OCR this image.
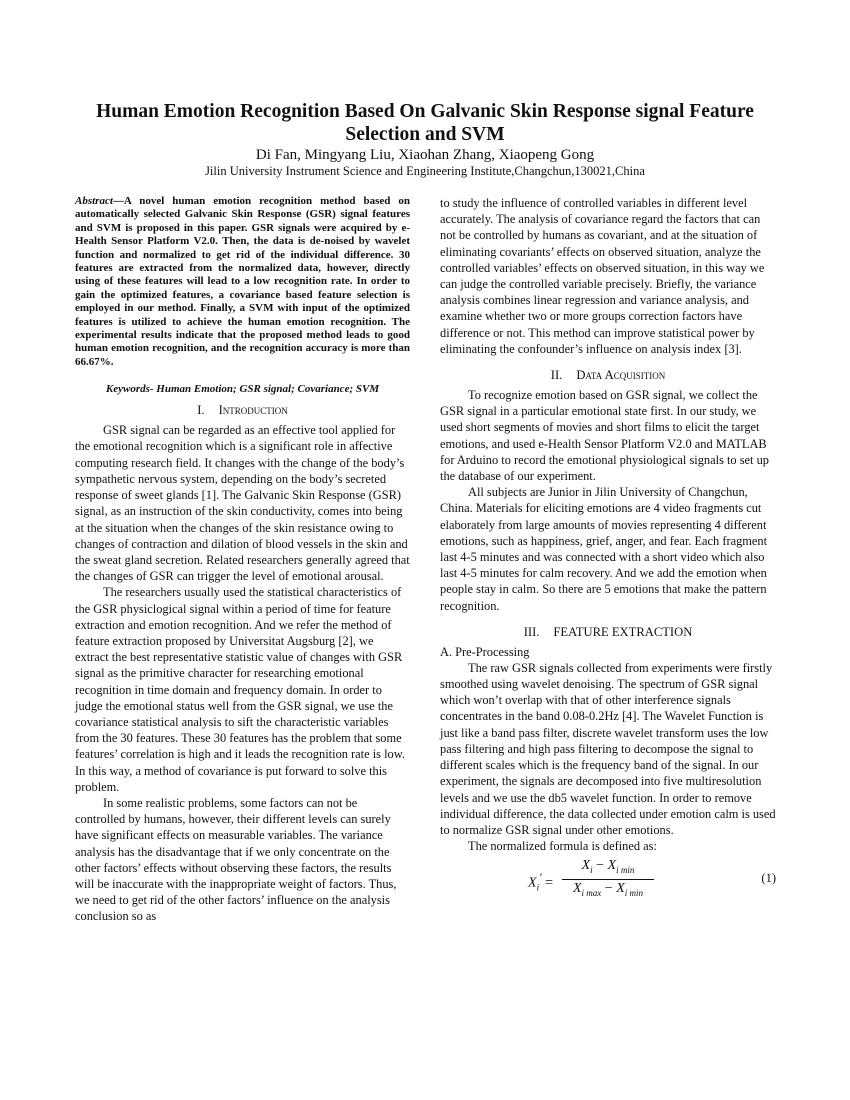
Human Emotion Recognition Based On Galvanic Skin Response signal Feature Selection and SVM
Di Fan, Mingyang Liu, Xiaohan Zhang, Xiaopeng Gong
Jilin University Instrument Science and Engineering Institute,Changchun,130021,China

Abstract—A novel human emotion recognition method based on automatically selected Galvanic Skin Response (GSR) signal features and SVM is proposed in this paper. GSR signals were acquired by e-Health Sensor Platform V2.0. Then, the data is de-noised by wavelet function and normalized to get rid of the individual difference. 30 features are extracted from the normalized data, however, directly using of these features will lead to a low recognition rate. In order to gain the optimized features, a covariance based feature selection is employed in our method. Finally, a SVM with input of the optimized features is utilized to achieve the human emotion recognition. The experimental results indicate that the proposed method leads to good human emotion recognition, and the recognition accuracy is more than 66.67%.

Keywords- Human Emotion; GSR signal; Covariance; SVM
I. Introduction

GSR signal can be regarded as an effective tool applied for the emotional recognition which is a significant role in affective computing research field. It changes with the change of the body’s sympathetic nervous system, depending on the body’s secreted response of sweet glands [1]. The Galvanic Skin Response (GSR) signal, as an instruction of the skin conductivity, comes into being at the situation when the changes of the skin resistance owing to changes of contraction and dilation of blood vessels in the skin and the sweat gland secretion. Related researchers generally agreed that the changes of GSR can trigger the level of emotional arousal.

The researchers usually used the statistical characteristics of the GSR physiclogical signal within a period of time for feature extraction and emotion recognition. And we refer the method of feature extraction proposed by Universitat Augsburg [2], we extract the best representative statistic value of changes with GSR signal as the primitive character for researching emotional recognition in time domain and frequency domain. In order to judge the emotional status well from the GSR signal, we use the covariance statistical analysis to sift the characteristic variables from the 30 features. These 30 features has the problem that some features’ correlation is high and it leads the recognition rate is low. In this way, a method of covariance is put forward to solve this problem.

In some realistic problems, some factors can not be controlled by humans, however, their different levels can surely have significant effects on measurable variables. The variance analysis has the disadvantage that if we only concentrate on the other factors’ effects without observing these factors, the results will be inaccurate with the inappropriate weight of factors. Thus, we need to get rid of the other factors’ influence on the analysis conclusion so as

to study the influence of controlled variables in different level accurately. The analysis of covariance regard the factors that can not be controlled by humans as covariant, and at the situation of eliminating covariants’ effects on observed situation, analyze the controlled variables’ effects on observed situation, in this way we can judge the controlled variable precisely. Briefly, the variance analysis combines linear regression and variance analysis, and examine whether two or more groups correction factors have difference or not. This method can improve statistical power by eliminating the confounder’s influence on analysis index [3].

II. Data Acquisition

To recognize emotion based on GSR signal, we collect the GSR signal in a particular emotional state first. In our study, we used short segments of movies and short films to elicit the target emotions, and used e-Health Sensor Platform V2.0 and MATLAB for Arduino to record the emotional physiological signals to set up the database of our experiment.

All subjects are Junior in Jilin University of Changchun, China. Materials for eliciting emotions are 4 video fragments cut elaborately from large amounts of movies representing 4 different emotions, such as happiness, grief, anger, and fear. Each fragment last 4-5 minutes and was connected with a short video which also last 4-5 minutes for calm recovery. And we add the emotion when people stay in calm. So there are 5 emotions that make the pattern recognition.

III. FEATURE EXTRACTION

A. Pre-Processing

The raw GSR signals collected from experiments were firstly smoothed using wavelet denoising. The spectrum of GSR signal which won’t overlap with that of other interference signals concentrates in the band 0.08-0.2Hz [4]. The Wavelet Function is just like a band pass filter, discrete wavelet transform uses the low pass filtering and high pass filtering to decompose the signal to different scales which is the frequency band of the signal. In our experiment, the signals are decomposed into five multiresolution levels and we use the db5 wavelet function. In order to remove individual difference, the data collected under emotion calm is used to normalize GSR signal under other emotions.

The normalized formula is defined as:

$X_i'$ =
$X_i - X_{i min}$
$X_{i max} - X_{i min}$
(1)
